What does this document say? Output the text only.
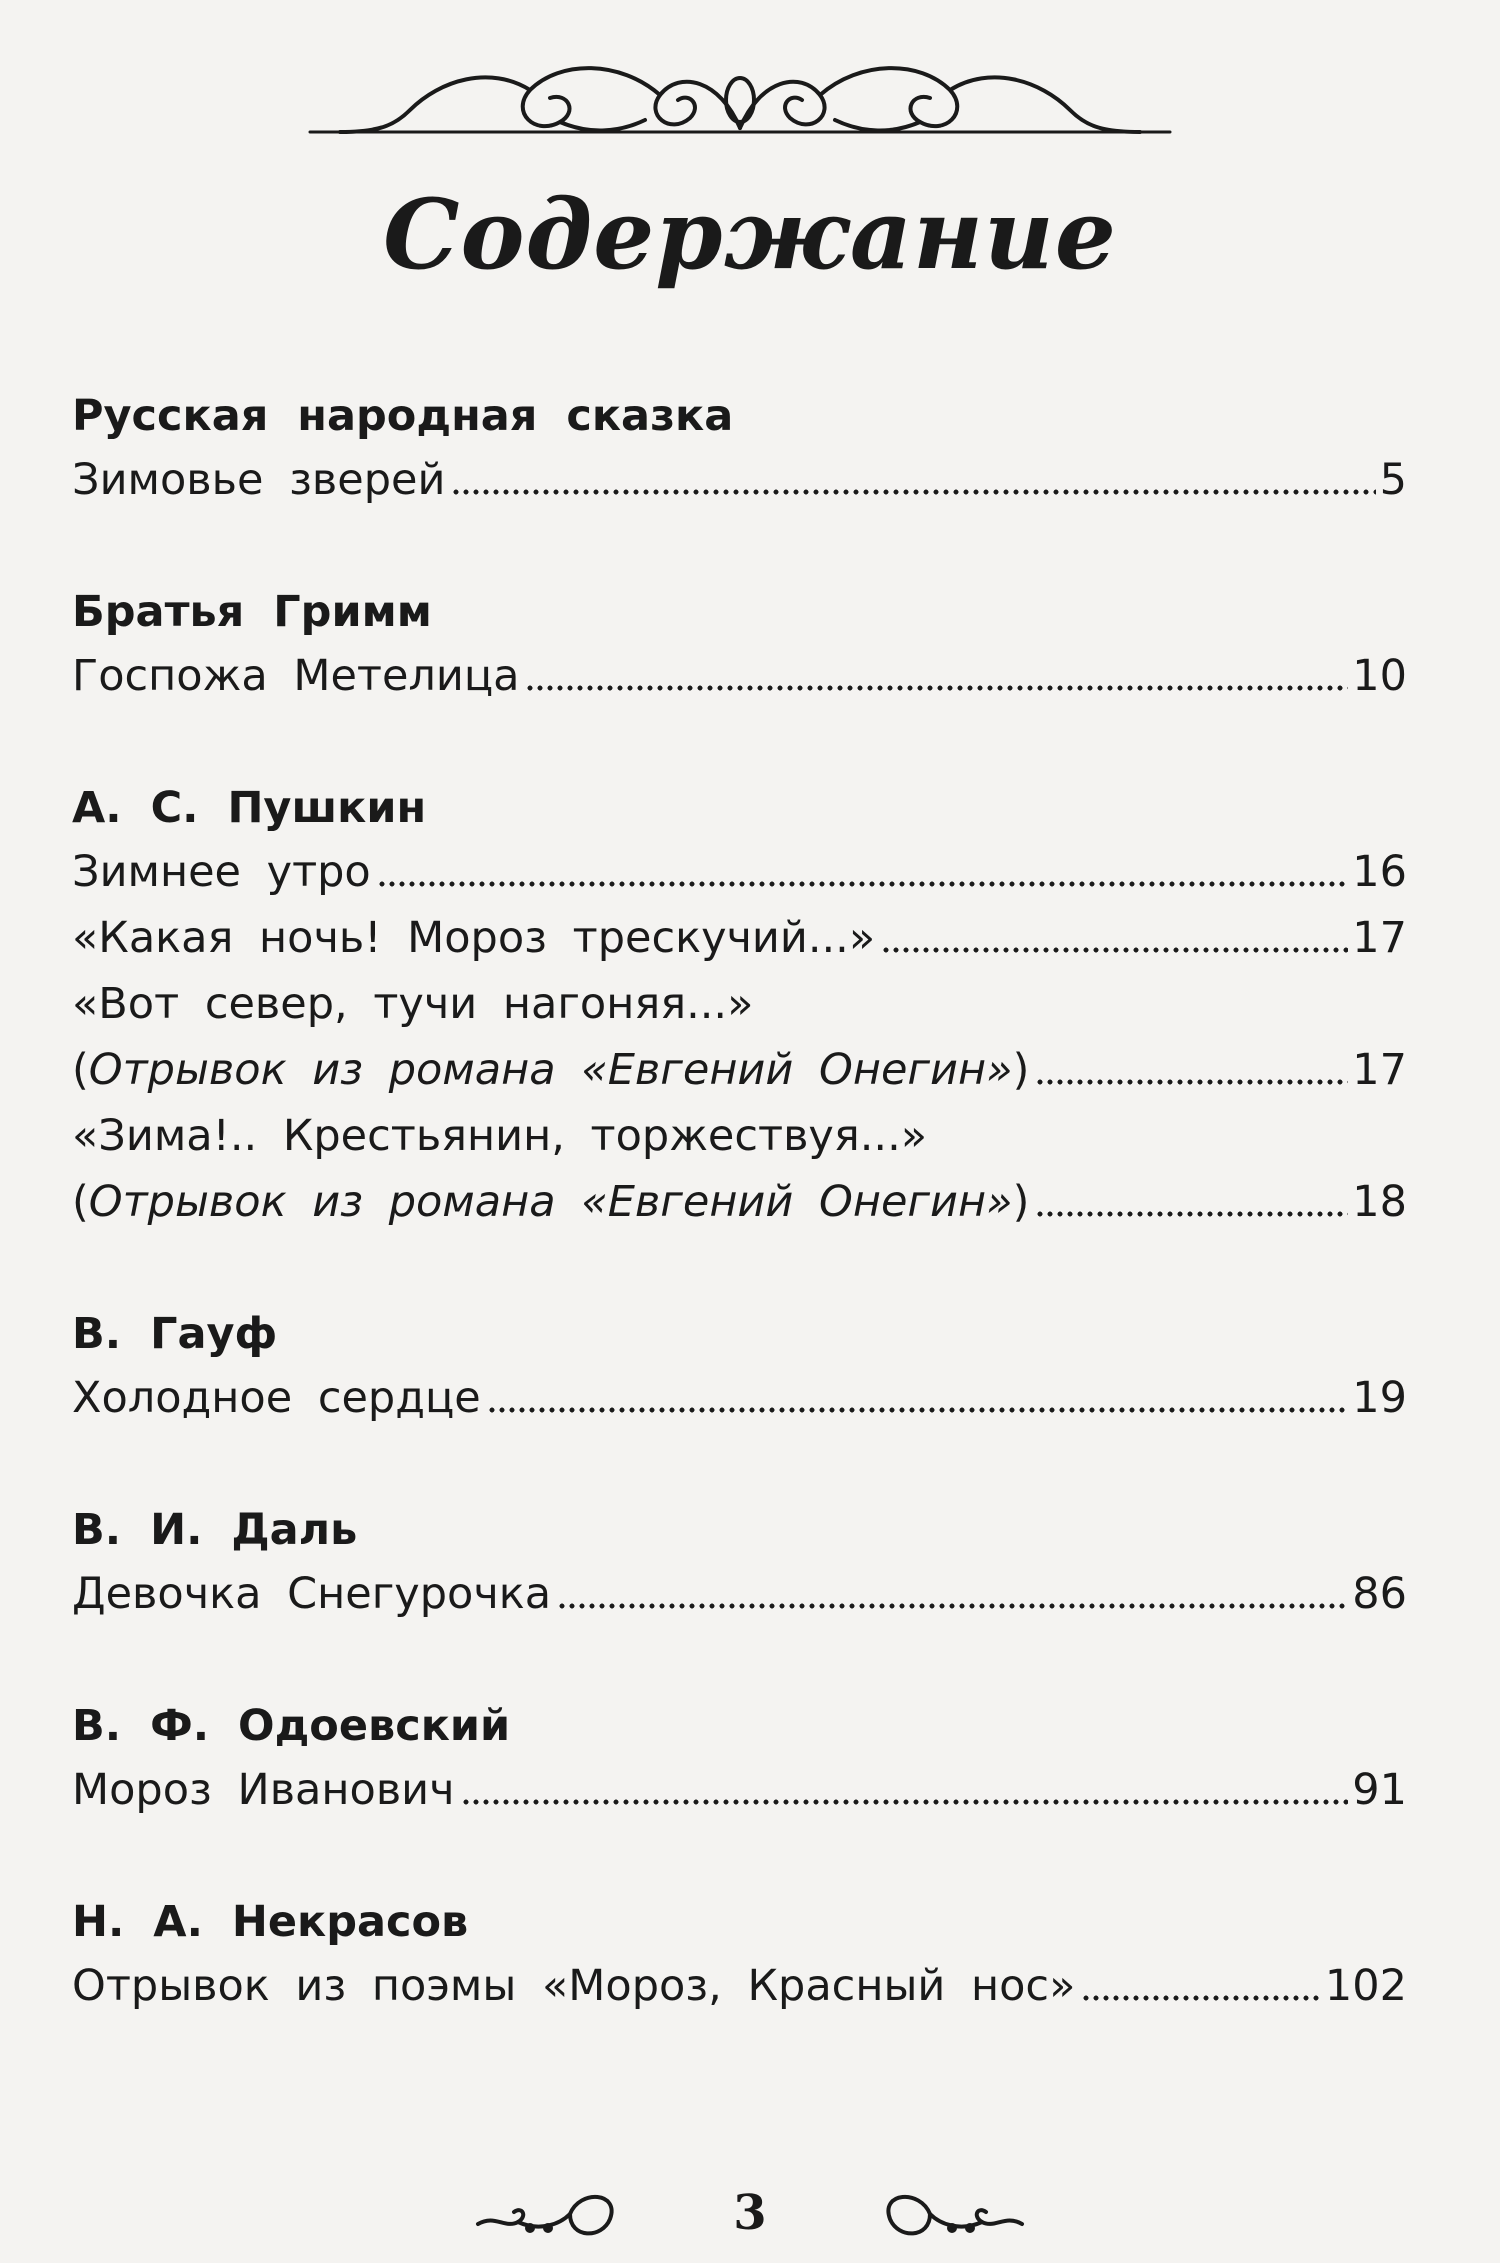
Содержание
Русская народная сказка
Зимовье зверей	5
Братья Гримм
Госпожа Метелица	10
А. С. Пушкин
Зимнее утро	16
«Какая ночь! Мороз трескучий...»	17
«Вот север, тучи нагоняя...»
(Отрывок из романа «Евгений Онегин»)	17
«Зима!.. Крестьянин, торжествуя...»
(Отрывок из романа «Евгений Онегин»)	18
В. Гауф
Холодное сердце	19
В. И. Даль
Девочка Снегурочка	86
В. Ф. Одоевский
Мороз Иванович	91
Н. А. Некрасов
Отрывок из поэмы «Мороз, Красный нос»	102
3
